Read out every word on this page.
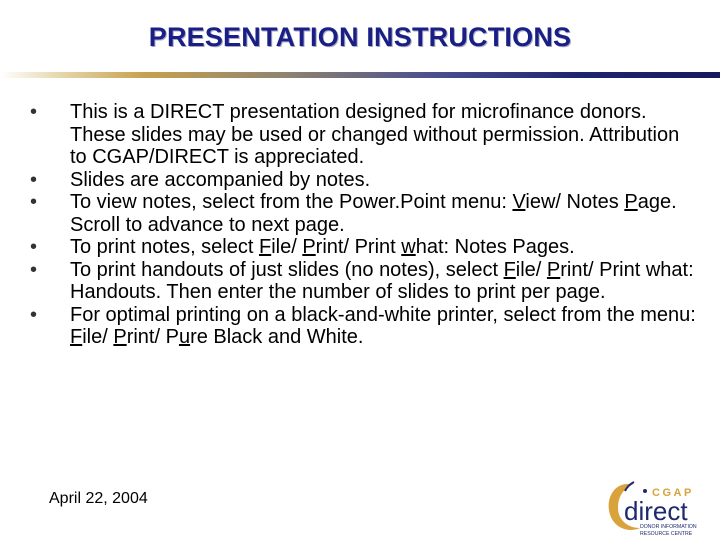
PRESENTATION INSTRUCTIONS
•	This is a DIRECT presentation designed for microfinance donors. These slides may be used or changed without permission. Attribution to CGAP/DIRECT is appreciated.
•	Slides are accompanied by notes.
•	To view notes, select from the Power.Point menu: View/ Notes Page. Scroll to advance to next page.
•	To print notes, select File/ Print/ Print what: Notes Pages.
•	To print handouts of just slides (no notes), select File/ Print/ Print what: Handouts. Then enter the number of slides to print per page.
•	For optimal printing on a black-and-white printer, select from the menu: File/ Print/ Pure Black and White.
April 22, 2004	CGAP
direct
DONOR INFORMATION
RESOURCE CENTRE
